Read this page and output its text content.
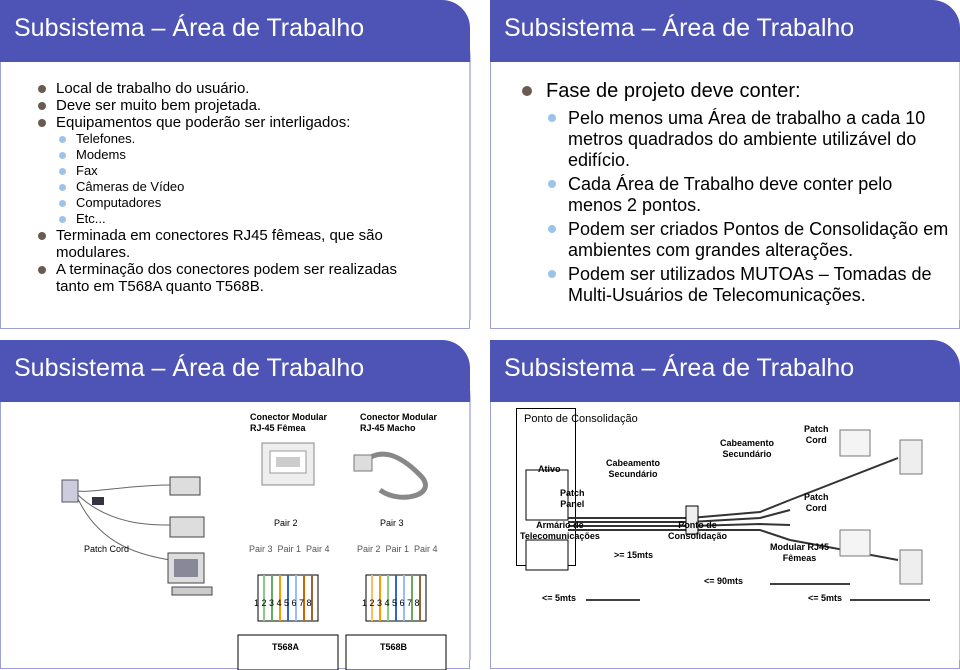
Subsistema – Área de Trabalho
Local de trabalho do usuário.
Deve ser muito bem projetada.
Equipamentos que poderão ser interligados:
Telefones.
Modems
Fax
Câmeras de Vídeo
Computadores
Etc...
Terminada em conectores RJ45 fêmeas, que são modulares.
A terminação dos conectores podem ser realizadas tanto em T568A quanto T568B.
Subsistema – Área de Trabalho
Fase de projeto deve conter:
Pelo menos uma Área de trabalho a cada 10 metros quadrados do ambiente utilizável do edifício.
Cada Área de Trabalho deve conter pelo menos 2 pontos.
Podem ser criados Pontos de Consolidação em ambientes com grandes alterações.
Podem ser utilizados MUTOAs – Tomadas de Multi-Usuários de Telecomunicações.
Subsistema – Área de Trabalho
Conector Modular
RJ-45 Fêmea
Conector Modular
RJ-45 Macho
Patch Cord
Pair 2	Pair 3
Pair 3  Pair 1  Pair 4	Pair 2  Pair 1  Pair 4
1 2 3 4 5 6 7 8	1 2 3 4 5 6 7 8
T568A	T568B
Subsistema – Área de Trabalho
Ponto de Consolidação
Ativo
Cabeamento
Secundário
Cabeamento
Secundário
Patch
Cord
Patch
Cord
Patch
Panel
Armário de
Telecomunicações
Ponto de
Consolidação
Modular RJ45
Fêmeas
>= 15mts
<= 90mts
<= 5mts	<= 5mts
